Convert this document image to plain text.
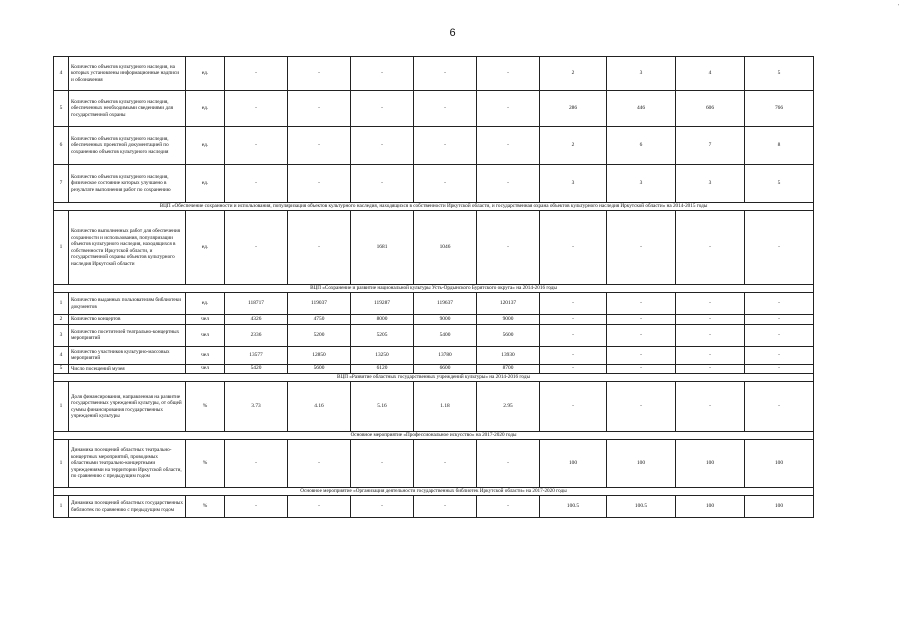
6
'
4	Количество объектов культурного наследия, на которых установлены информационные надписи и обозначения	ед.	-	-	-	-	-	2	3	4	5
5	Количество объектов культурного наследия, обеспеченных необходимыми сведениями для государственной охраны	ед.	-	-	-	-	-	286	446	606	766
6	Количество объектов культурного наследия, обеспеченных проектной документацией по сохранению объектов культурного наследия	ед.	-	-	-	-	-	2	6	7	8
7	Количество объектов культурного наследия, физическое состояние которых улучшено в результате выполнения работ по сохранению	ед.	-	-	-	-	-	3	3	3	5
ВЦП «Обеспечение сохранности и использования, популяризация объектов культурного наследия, находящихся в собственности Иркутской области, и государственная охрана объектов культурного наследия Иркутской области» на 2014-2015 годы											
1	Количество выполненных работ для обеспечения сохранности и использования, популяризации объектов культурного наследия, находящихся в собственности Иркутской области, и государственной охраны объектов культурного наследия Иркутской области	ед.	-	-	1681	1046	-	-	-	-	-
ВЦП «Сохранение и развитие национальной культуры Усть-Ордынского Бурятского округа» на 2014-2016 годы											
1	Количество выданных пользователям библиотеки документов	ед.	118717	119037	119287	119637	120137	-	-	-	-
2	Количество концертов	чел	4326	4750	8000	9000	9000	-	-	-	-
3	Количество посетителей театрально-концертных мероприятий	чел	2336	5200	5205	5400	5600	-	-	-	-
4	Количество участников культурно-массовых мероприятий	чел	13577	12850	13250	13780	13930	-	-	-	-
5	Число посещений музея	чел	5420	5600	6120	6600	8700	-	-	-	-
ВЦП «Развитие областных государственных учреждений культуры» на 2014-2016 годы											
1	Доля финансирования, направленная на развитие государственных учреждений культуры, от общей суммы финансирования государственных учреждений культуры	%	3.73	4.16	5.16	1.18	2.95	-	-	-	-
Основное мероприятие «Профессиональное искусство» на 2017-2020 годы											
1	Динамика посещений областных театрально-концертных мероприятий, проводимых областными театрально-концертными учреждениями на территории Иркутской области, по сравнению с предыдущим годом	%	-	-	-	-	-	100	100	100	100
Основное мероприятие «Организация деятельности государственных библиотек Иркутской области» на 2017-2020 годы											
1	Динамика посещений областных государственных библиотек по сравнению с предыдущим годом	%	-	-	-	-	-	100.5	100.5	100	100
